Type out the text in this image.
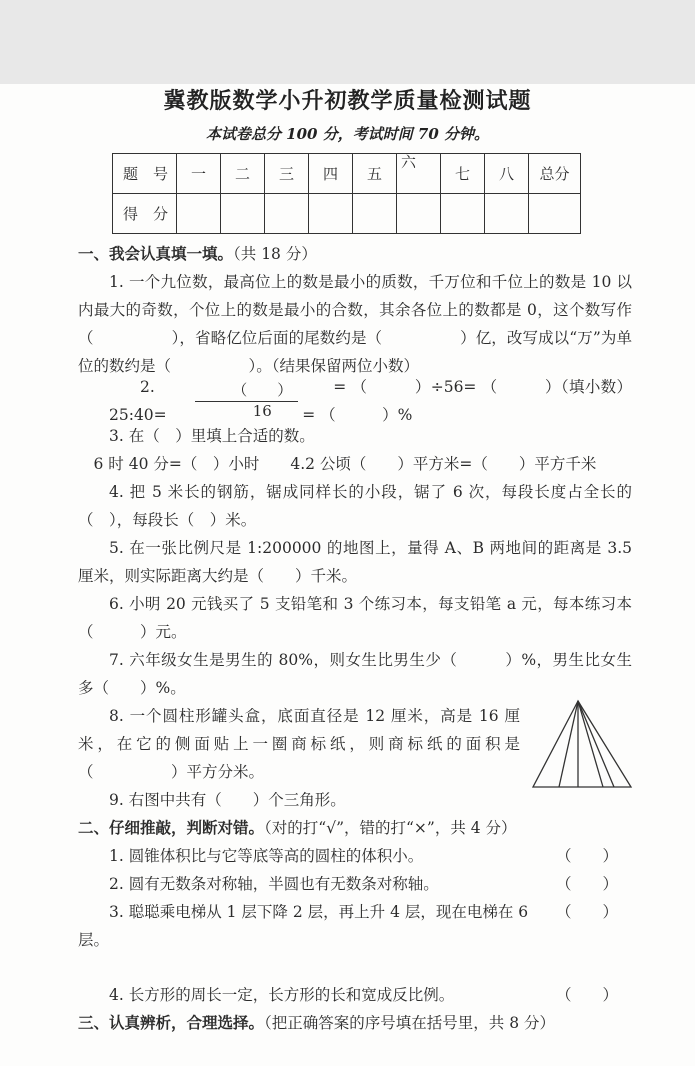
冀教版数学小升初教学质量检测试题

本试卷总分 100 分，考试时间 70 分钟。

题　号	一	二	三	四	五	六	七	八	总分
得　分									

一、我会认真填一填。（共 18 分）

1. 一个九位数，最高位上的数是最小的质数，千万位和千位上的数是 10 以内最大的奇数，个位上的数是最小的合数，其余各位上的数都是 0，这个数写作（　　　　　），省略亿位后面的尾数约是（　　　　　）亿，改写成以“万”为单位的数约是（　　　　　）。（结果保留两位小数）

2. 25:40=	$\frac{( )}{16}$	= （　　　）÷56= （　　　）（填小数）= （　　　）%

3. 在（　）里填上合适的数。

6 时 40 分=（　）小时　　4.2 公顷（　　）平方米=（　　）平方千米

4. 把 5 米长的钢筋，锯成同样长的小段，锯了 6 次，每段长度占全长的（　），每段长（　）米。

5. 在一张比例尺是 1:200000 的地图上，量得 A、B 两地间的距离是 3.5 厘米，则实际距离大约是（　　）千米。

6. 小明 20 元钱买了 5 支铅笔和 3 个练习本，每支铅笔 a 元，每本练习本（　　　）元。

7. 六年级女生是男生的 80%，则女生比男生少（　　　）%，男生比女生多（　　）%。

8. 一个圆柱形罐头盒，底面直径是 12 厘米，高是 16 厘米，在它的侧面贴上一圈商标纸，则商标纸的面积是（　　　　　）平方分米。

9. 右图中共有（　　）个三角形。

二、仔细推敲，判断对错。（对的打“√”，错的打“×”，共 4 分）

1. 圆锥体积比与它等底等高的圆柱的体积小。	（　　）
2. 圆有无数条对称轴，半圆也有无数条对称轴。	（　　）
3. 聪聪乘电梯从 1 层下降 2 层，再上升 4 层，现在电梯在 6 层。
（　　）
4. 长方形的周长一定，长方形的长和宽成反比例。	（　　）

三、认真辨析，合理选择。（把正确答案的序号填在括号里，共 8 分）
